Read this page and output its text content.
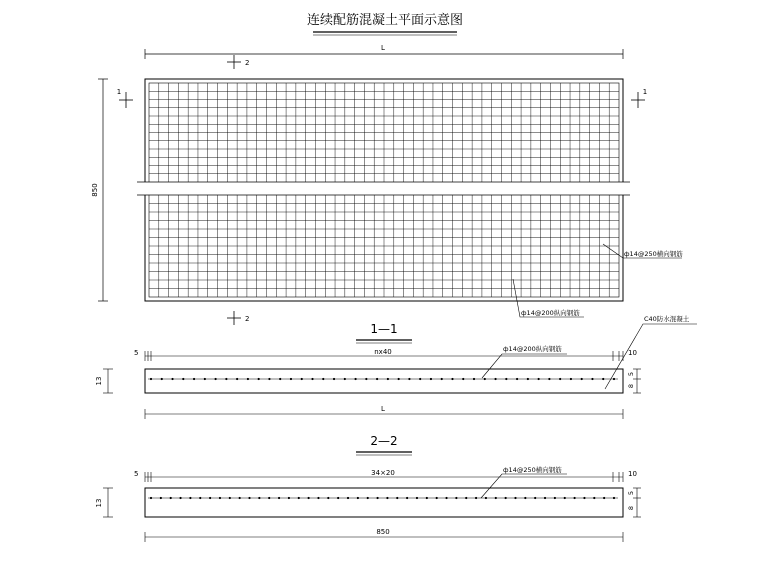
连续配筋混凝土平面示意图
L
850
1	1
2
2
ф14@250横向钢筋
ф14@200纵向钢筋
1—1
5	nx40	10
ф14@200纵向钢筋
C40防水混凝土
13
5
8
L
2—2
5	34×20	10
ф14@250横向钢筋
13
5
8
850
